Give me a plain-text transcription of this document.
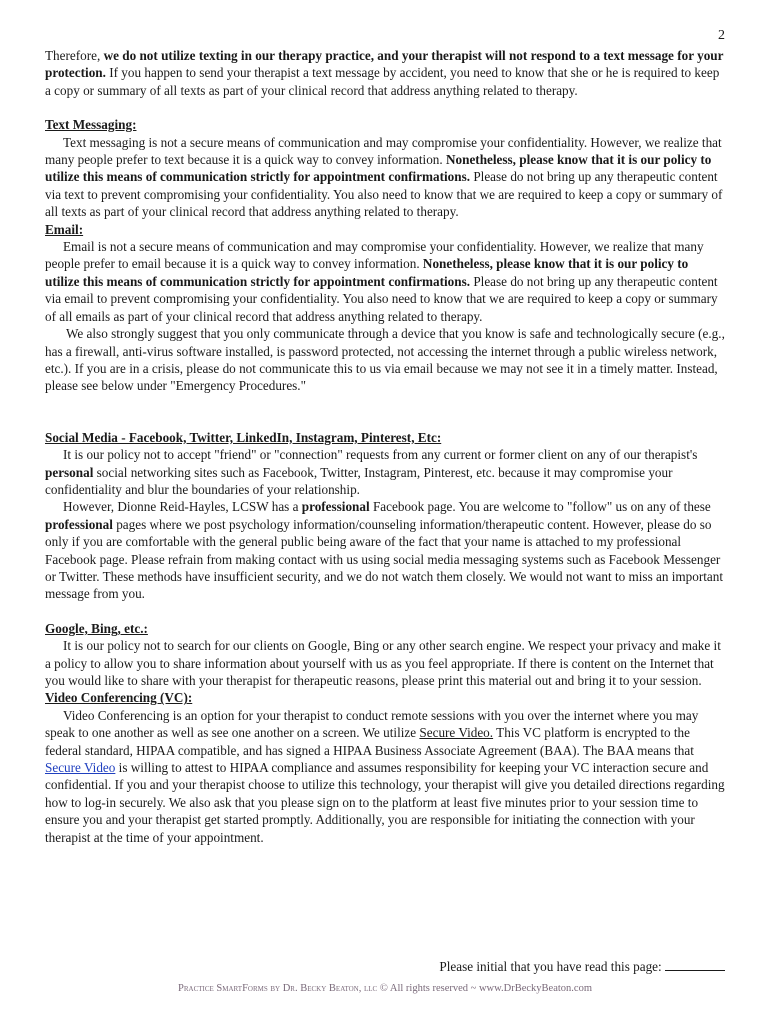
2

Therefore, we do not utilize texting in our therapy practice, and your therapist will not respond to a text message for your protection. If you happen to send your therapist a text message by accident, you need to know that she or he is required to keep a copy or summary of all texts as part of your clinical record that address anything related to therapy.

Text Messaging:

Text messaging is not a secure means of communication and may compromise your confidentiality. However, we realize that many people prefer to text because it is a quick way to convey information. Nonetheless, please know that it is our policy to utilize this means of communication strictly for appointment confirmations. Please do not bring up any therapeutic content via text to prevent compromising your confidentiality. You also need to know that we are required to keep a copy or summary of all texts as part of your clinical record that address anything related to therapy.

Email:

Email is not a secure means of communication and may compromise your confidentiality. However, we realize that many people prefer to email because it is a quick way to convey information. Nonetheless, please know that it is our policy to utilize this means of communication strictly for appointment confirmations. Please do not bring up any therapeutic content via email to prevent compromising your confidentiality. You also need to know that we are required to keep a copy or summary of all emails as part of your clinical record that address anything related to therapy.

We also strongly suggest that you only communicate through a device that you know is safe and technologically secure (e.g., has a firewall, anti-virus software installed, is password protected, not accessing the internet through a public wireless network, etc.). If you are in a crisis, please do not communicate this to us via email because we may not see it in a timely matter. Instead, please see below under "Emergency Procedures."

Social Media - Facebook, Twitter, LinkedIn, Instagram, Pinterest, Etc:

It is our policy not to accept "friend" or "connection" requests from any current or former client on any of our therapist's personal social networking sites such as Facebook, Twitter, Instagram, Pinterest, etc. because it may compromise your confidentiality and blur the boundaries of your relationship.

However, Dionne Reid-Hayles, LCSW has a professional Facebook page. You are welcome to "follow" us on any of these professional pages where we post psychology information/counseling information/therapeutic content. However, please do so only if you are comfortable with the general public being aware of the fact that your name is attached to my professional Facebook page. Please refrain from making contact with us using social media messaging systems such as Facebook Messenger or Twitter. These methods have insufficient security, and we do not watch them closely. We would not want to miss an important message from you.

Google, Bing, etc.:

It is our policy not to search for our clients on Google, Bing or any other search engine. We respect your privacy and make it a policy to allow you to share information about yourself with us as you feel appropriate. If there is content on the Internet that you would like to share with your therapist for therapeutic reasons, please print this material out and bring it to your session.

Video Conferencing (VC):

Video Conferencing is an option for your therapist to conduct remote sessions with you over the internet where you may speak to one another as well as see one another on a screen. We utilize Secure Video. This VC platform is encrypted to the federal standard, HIPAA compatible, and has signed a HIPAA Business Associate Agreement (BAA). The BAA means that Secure Video is willing to attest to HIPAA compliance and assumes responsibility for keeping your VC interaction secure and confidential. If you and your therapist choose to utilize this technology, your therapist will give you detailed directions regarding how to log-in securely. We also ask that you please sign on to the platform at least five minutes prior to your session time to ensure you and your therapist get started promptly. Additionally, you are responsible for initiating the connection with your therapist at the time of your appointment.

Please initial that you have read this page:
Practice SmartForms by Dr. Becky Beaton, llc © All rights reserved ~ www.DrBeckyBeaton.com
